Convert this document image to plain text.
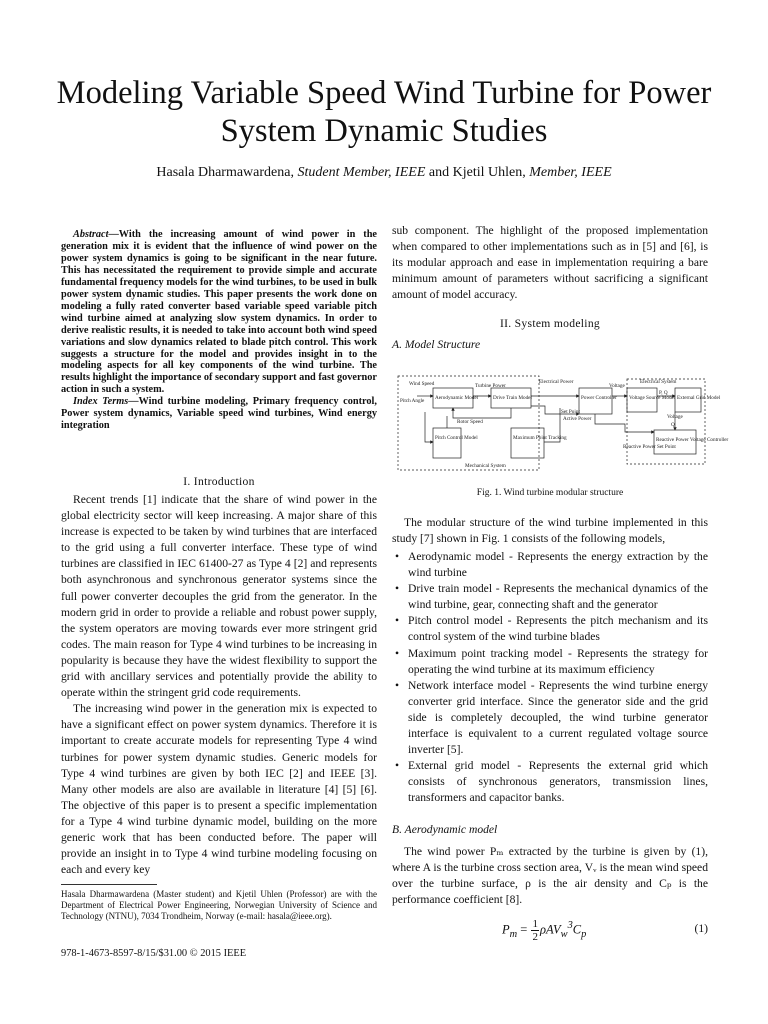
Modeling Variable Speed Wind Turbine for Power System Dynamic Studies
Hasala Dharmawardena, Student Member, IEEE and Kjetil Uhlen, Member, IEEE

Abstract—With the increasing amount of wind power in the generation mix it is evident that the influence of wind power on the power system dynamics is going to be significant in the near future. This has necessitated the requirement to provide simple and accurate fundamental frequency models for the wind turbines, to be used in bulk power system dynamic studies. This paper presents the work done on modeling a fully rated converter based variable speed variable pitch wind turbine aimed at analyzing slow system dynamics. In order to derive realistic results, it is needed to take into account both wind speed variations and slow dynamics related to blade pitch control. This work suggests a structure for the model and provides insight in to the modeling aspects for all key components of the wind turbine. The results highlight the importance of secondary support and fast governor action in such a system.

Index Terms—Wind turbine modeling, Primary frequency control, Power system dynamics, Variable speed wind turbines, Wind energy integration

I. Introduction

Recent trends [1] indicate that the share of wind power in the global electricity sector will keep increasing. A major share of this increase is expected to be taken by wind turbines that are interfaced to the grid using a full converter interface. These type of wind turbines are classified in IEC 61400-27 as Type 4 [2] and represents both asynchronous and synchronous generator systems since the full power converter decouples the grid from the generator. In the modern grid in order to provide a reliable and robust power supply, the system operators are moving towards ever more stringent grid codes. The main reason for Type 4 wind turbines to be increasing in popularity is because they have the widest flexibility to support the grid with ancillary services and potentially provide the ability to operate within the stringent grid code requirements.

The increasing wind power in the generation mix is expected to have a significant effect on power system dynamics. Therefore it is important to create accurate models for representing Type 4 wind turbines for power system dynamic studies. Generic models for Type 4 wind turbines are given by both IEC [2] and IEEE [3]. Many other models are also are available in literature [4] [5] [6]. The objective of this paper is to present a specific implementation for a Type 4 wind turbine dynamic model, building on the more generic work that has been conducted before. The paper will provide an insight in to Type 4 wind turbine modeling focusing on each and every key

Hasala Dharmawardena (Master student) and Kjetil Uhlen (Professor) are with the Department of Electrical Power Engineering, Norwegian University of Science and Technology (NTNU), 7034 Trondheim, Norway (e-mail: hasala@ieee.org).
978-1-4673-8597-8/15/$31.00 © 2015 IEEE
sub component. The highlight of the proposed implementation when compared to other implementations such as in [5] and [6], is its modular approach and ease in implementation requiring a bare minimum amount of parameters without sacrificing a significant amount of model accuracy.
II. System modeling
A. Model Structure
Wind Speed
Pitch Angle Aerodynamic Model
Turbine Power
Drive Train Model
Electrical Power
Power Controller
Voltage
Electrical System
Voltage Source Model
P, Q
External Grid Model
Rotor Speed
Set Point
Active Power
Pitch Control Model	Maximum Point Tracking
Mechanical System
Voltage
Q
Reactive Power Voltage Controller
Reactive Power Set Point
Fig. 1. Wind turbine modular structure

The modular structure of the wind turbine implemented in this study [7] shown in Fig. 1 consists of the following models,

• Aerodynamic model - Represents the energy extraction by the wind turbine
• Drive train model - Represents the mechanical dynamics of the wind turbine, gear, connecting shaft and the generator
• Pitch control model - Represents the pitch mechanism and its control system of the wind turbine blades
• Maximum point tracking model - Represents the strategy for operating the wind turbine at its maximum efficiency
• Network interface model - Represents the wind turbine energy converter grid interface. Since the generator side and the grid side is completely decoupled, the wind turbine generator interface is equivalent to a current regulated voltage source inverter [5].
• External grid model - Represents the external grid which consists of synchronous generators, transmission lines, transformers and capacitor banks.
B. Aerodynamic model

The wind power Pₘ extracted by the turbine is given by (1), where A is the turbine cross section area, Vᵥ is the mean wind speed over the turbine surface, ρ is the air density and Cₚ is the performance coefficient [8].

$P_m = \frac{1}{2} \rho AV_w^3C_p$	(1)
